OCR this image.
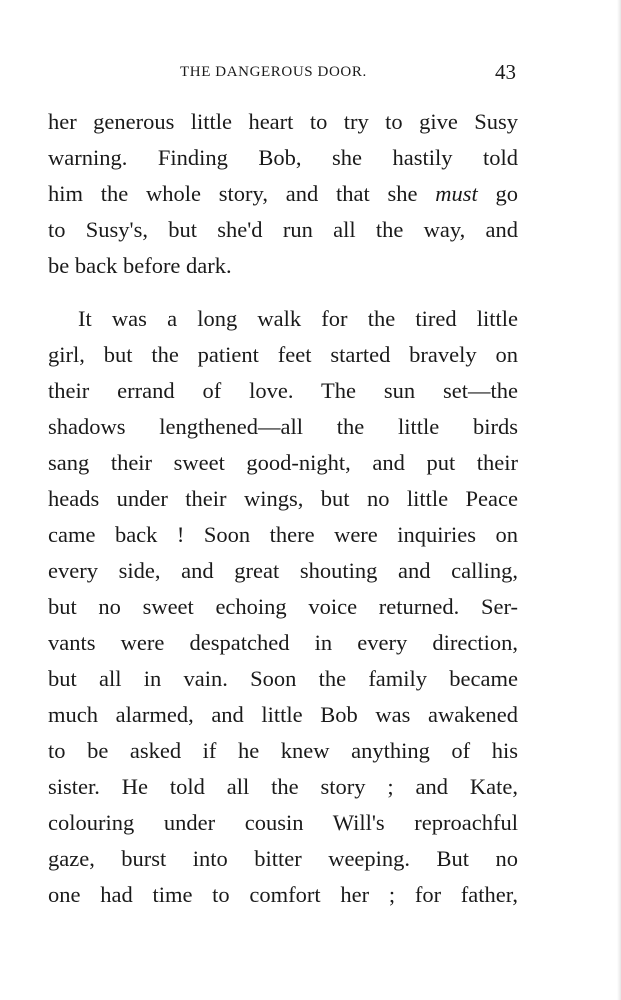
THE DANGEROUS DOOR.	43

her generous little heart to try to give Susy
warning. Finding Bob, she hastily told
him the whole story, and that she must go
to Susy's, but she'd run all the way, and
be back before dark.

It was a long walk for the tired little
girl, but the patient feet started bravely on
their errand of love. The sun set—the
shadows lengthened—all the little birds
sang their sweet good-night, and put their
heads under their wings, but no little Peace
came back ! Soon there were inquiries on
every side, and great shouting and calling,
but no sweet echoing voice returned. Ser-
vants were despatched in every direction,
but all in vain. Soon the family became
much alarmed, and little Bob was awakened
to be asked if he knew anything of his
sister. He told all the story ; and Kate,
colouring under cousin Will's reproachful
gaze, burst into bitter weeping. But no
one had time to comfort her ; for father,
